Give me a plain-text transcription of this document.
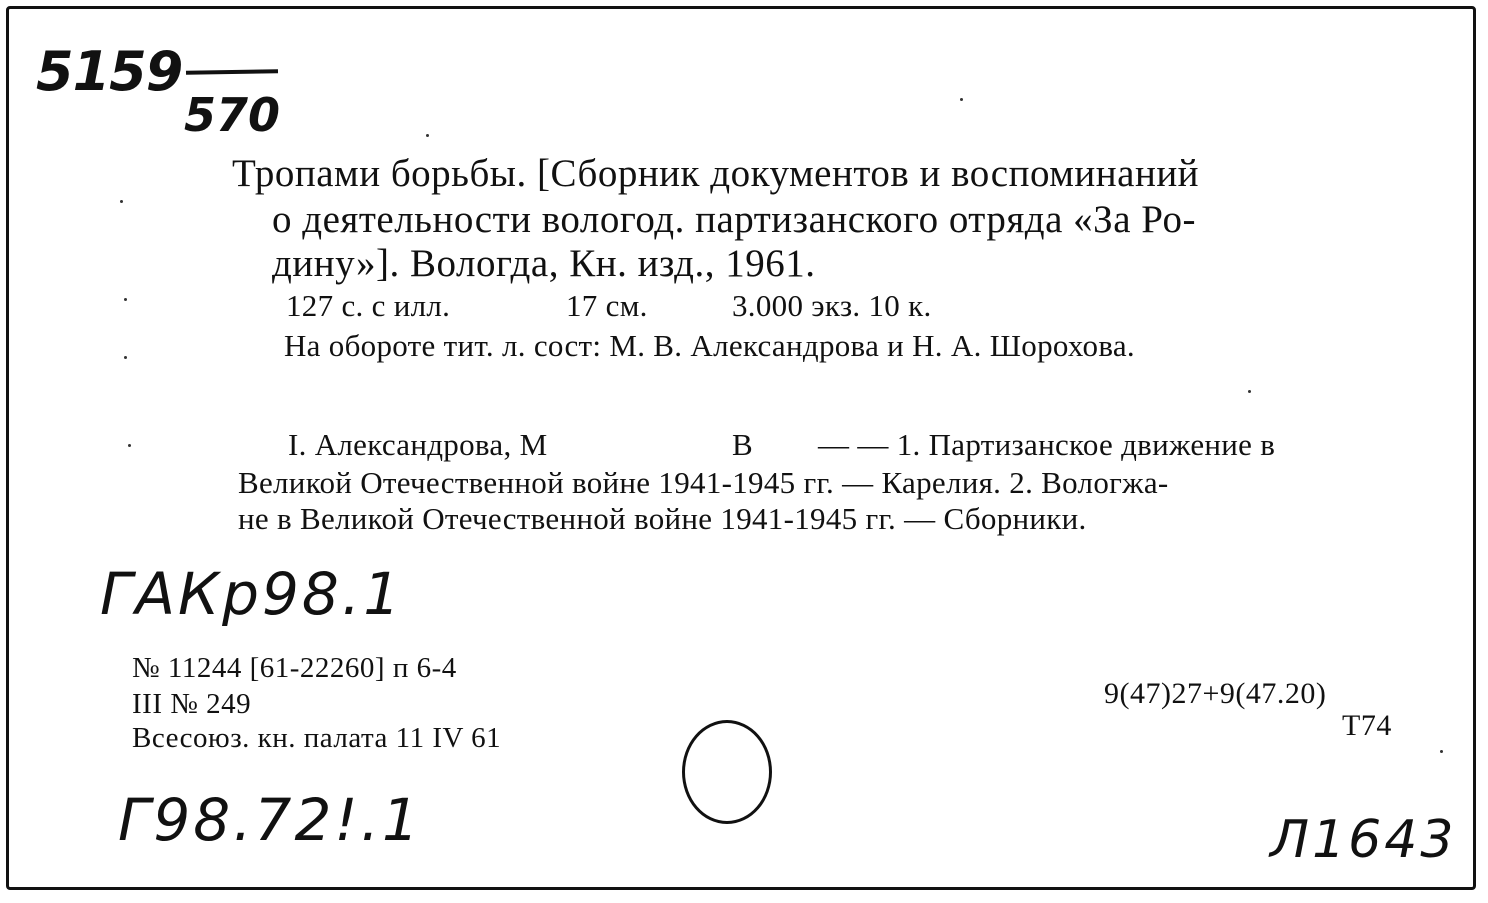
5159
570
Тропами борьбы. [Сборник документов и воспоминаний
о деятельности вологод. партизанского отряда «За Ро-
дину»]. Вологда, Кн. изд., 1961.
127 с. с илл.	17 см.	3.000 экз. 10 к.
На обороте тит. л. сост: М. В. Александрова и Н. А. Шорохова.
I. Александрова, М	В — — 1. Партизанское движение в
Великой Отечественной войне 1941-1945 гг. — Карелия. 2. Вологжа-
не в Великой Отечественной войне 1941-1945 гг. — Сборники.
ГАКр98.1
№ 11244 [61-22260] п 6-4
III № 249
Всесоюз. кн. палата 11 IV 61
9(47)27+9(47.20)
Т74
Г98.72!.1	Л1643
